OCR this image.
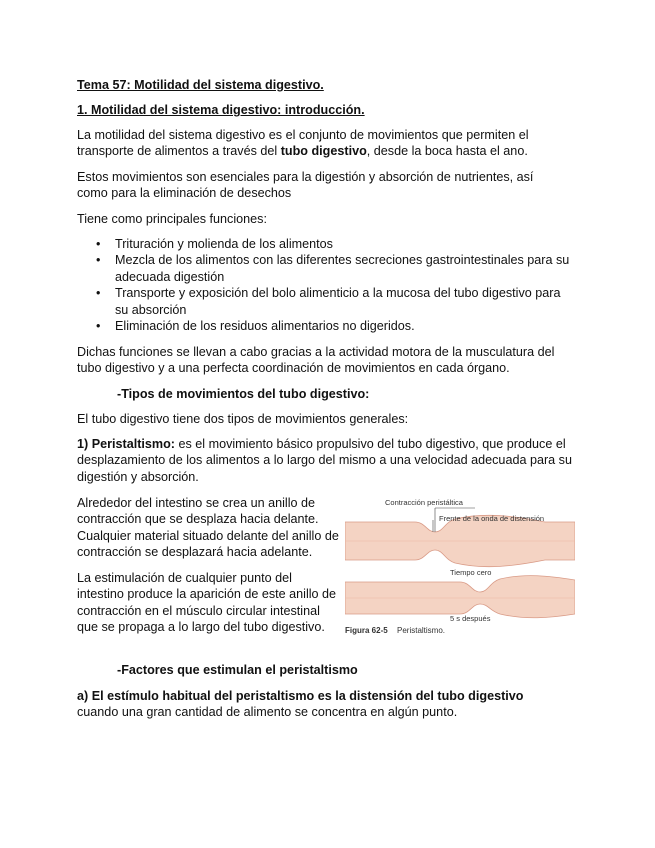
Tema 57: Motilidad del sistema digestivo.

1. Motilidad del sistema digestivo: introducción.

La motilidad del sistema digestivo es el conjunto de movimientos que permiten el transporte de alimentos a través del tubo digestivo, desde la boca hasta el ano.

Estos movimientos son esenciales para la digestión y absorción de nutrientes, así como para la eliminación de desechos

Tiene como principales funciones:

• Trituración y molienda de los alimentos
• Mezcla de los alimentos con las diferentes secreciones gastrointestinales para su adecuada digestión
• Transporte y exposición del bolo alimenticio a la mucosa del tubo digestivo para su absorción
• Eliminación de los residuos alimentarios no digeridos.

Dichas funciones se llevan a cabo gracias a la actividad motora de la musculatura del tubo digestivo y a una perfecta coordinación de movimientos en cada órgano.

-Tipos de movimientos del tubo digestivo:

El tubo digestivo tiene dos tipos de movimientos generales:

1) Peristaltismo: es el movimiento básico propulsivo del tubo digestivo, que produce el desplazamiento de los alimentos a lo largo del mismo a una velocidad adecuada para su digestión y absorción.

Alrededor del intestino se crea un anillo de contracción que se desplaza hacia delante. Cualquier material situado delante del anillo de contracción se desplazará hacia adelante.

La estimulación de cualquier punto del intestino produce la aparición de este anillo de contracción en el músculo circular intestinal que se propaga a lo largo del tubo digestivo.

-Factores que estimulan el peristaltismo

a) El estímulo habitual del peristaltismo es la distensión del tubo digestivo cuando una gran cantidad de alimento se concentra en algún punto.

Contracción peristáltica
Frente de la onda de distensión
Tiempo cero
5 s después
Figura 62-5 Peristaltismo.
